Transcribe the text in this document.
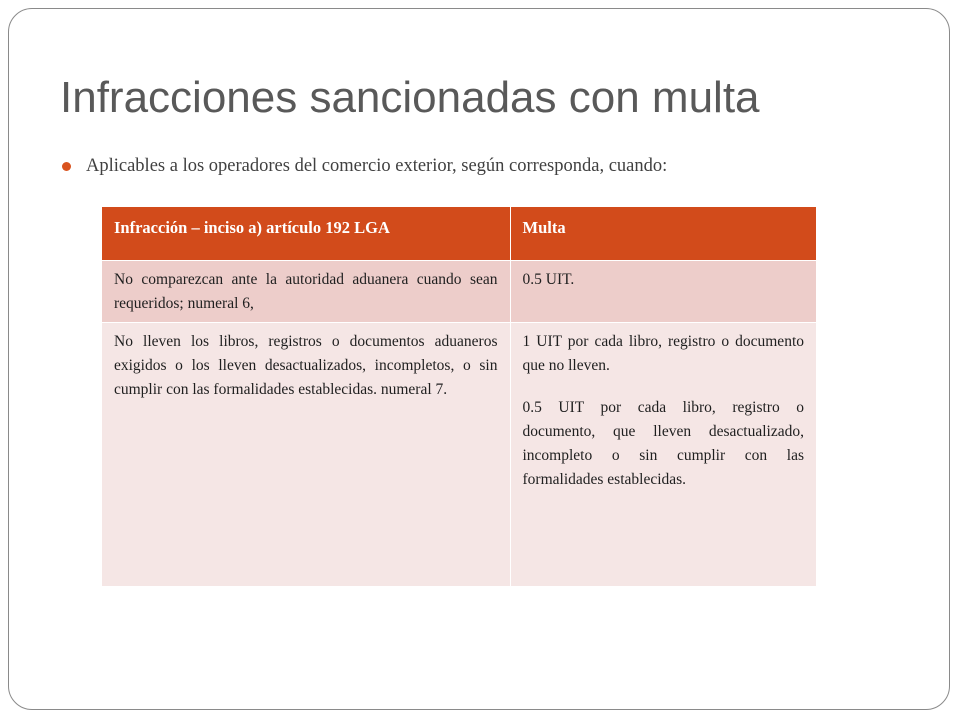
Infracciones sancionadas con multa
Aplicables a los operadores del comercio exterior, según corresponda, cuando:
Infracción – inciso a) artículo 192 LGA	Multa
No comparezcan ante la autoridad aduanera cuando sean requeridos; numeral 6,	0.5 UIT.

No lleven los libros, registros o documentos aduaneros exigidos o los lleven desactualizados, incompletos, o sin cumplir con las formalidades establecidas. numeral 7.	1 UIT por cada libro, registro o documento que no lleven.

0.5 UIT por cada libro, registro o documento, que lleven desactualizado, incompleto o sin cumplir con las formalidades establecidas.
